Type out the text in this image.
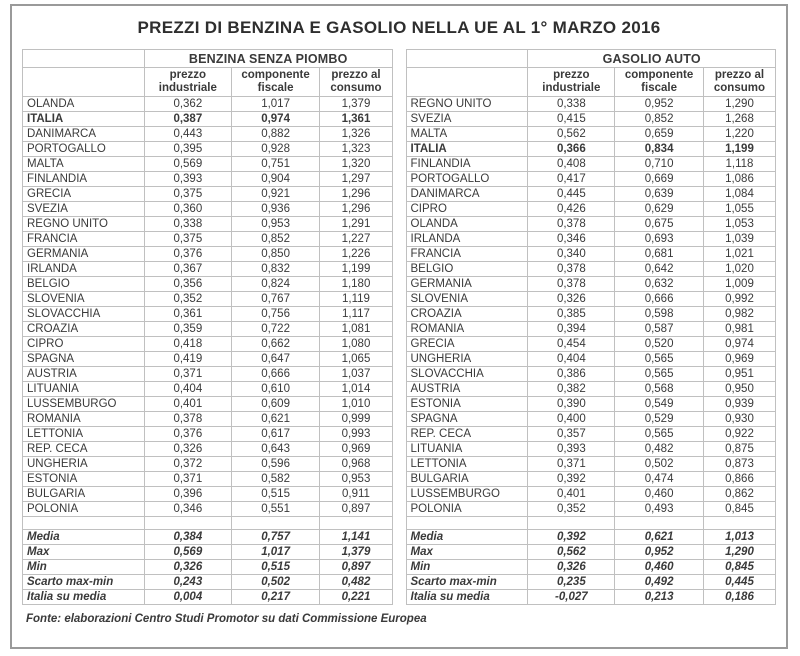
PREZZI DI BENZINA E GASOLIO NELLA UE AL 1° MARZO 2016
	BENZINA SENZA PIOMBO		
	prezzo industriale	componente fiscale	prezzo al consumo
OLANDA	0,362	1,017	1,379
ITALIA	0,387	0,974	1,361
DANIMARCA	0,443	0,882	1,326
PORTOGALLO	0,395	0,928	1,323
MALTA	0,569	0,751	1,320
FINLANDIA	0,393	0,904	1,297
GRECIA	0,375	0,921	1,296
SVEZIA	0,360	0,936	1,296
REGNO UNITO	0,338	0,953	1,291
FRANCIA	0,375	0,852	1,227
GERMANIA	0,376	0,850	1,226
IRLANDA	0,367	0,832	1,199
BELGIO	0,356	0,824	1,180
SLOVENIA	0,352	0,767	1,119
SLOVACCHIA	0,361	0,756	1,117
CROAZIA	0,359	0,722	1,081
CIPRO	0,418	0,662	1,080
SPAGNA	0,419	0,647	1,065
AUSTRIA	0,371	0,666	1,037
LITUANIA	0,404	0,610	1,014
LUSSEMBURGO	0,401	0,609	1,010
ROMANIA	0,378	0,621	0,999
LETTONIA	0,376	0,617	0,993
REP. CECA	0,326	0,643	0,969
UNGHERIA	0,372	0,596	0,968
ESTONIA	0,371	0,582	0,953
BULGARIA	0,396	0,515	0,911
POLONIA	0,346	0,551	0,897

Media	0,384	0,757	1,141
Max	0,569	1,017	1,379
Min	0,326	0,515	0,897
Scarto max-min	0,243	0,502	0,482
Italia su media	0,004	0,217	0,221
	GASOLIO AUTO		
	prezzo industriale	componente fiscale	prezzo al consumo
REGNO UNITO	0,338	0,952	1,290
SVEZIA	0,415	0,852	1,268
MALTA	0,562	0,659	1,220
ITALIA	0,366	0,834	1,199
FINLANDIA	0,408	0,710	1,118
PORTOGALLO	0,417	0,669	1,086
DANIMARCA	0,445	0,639	1,084
CIPRO	0,426	0,629	1,055
OLANDA	0,378	0,675	1,053
IRLANDA	0,346	0,693	1,039
FRANCIA	0,340	0,681	1,021
BELGIO	0,378	0,642	1,020
GERMANIA	0,378	0,632	1,009
SLOVENIA	0,326	0,666	0,992
CROAZIA	0,385	0,598	0,982
ROMANIA	0,394	0,587	0,981
GRECIA	0,454	0,520	0,974
UNGHERIA	0,404	0,565	0,969
SLOVACCHIA	0,386	0,565	0,951
AUSTRIA	0,382	0,568	0,950
ESTONIA	0,390	0,549	0,939
SPAGNA	0,400	0,529	0,930
REP. CECA	0,357	0,565	0,922
LITUANIA	0,393	0,482	0,875
LETTONIA	0,371	0,502	0,873
BULGARIA	0,392	0,474	0,866
LUSSEMBURGO	0,401	0,460	0,862
POLONIA	0,352	0,493	0,845

Media	0,392	0,621	1,013
Max	0,562	0,952	1,290
Min	0,326	0,460	0,845
Scarto max-min	0,235	0,492	0,445
Italia su media	-0,027	0,213	0,186
Fonte: elaborazioni Centro Studi Promotor su dati Commissione Europea
